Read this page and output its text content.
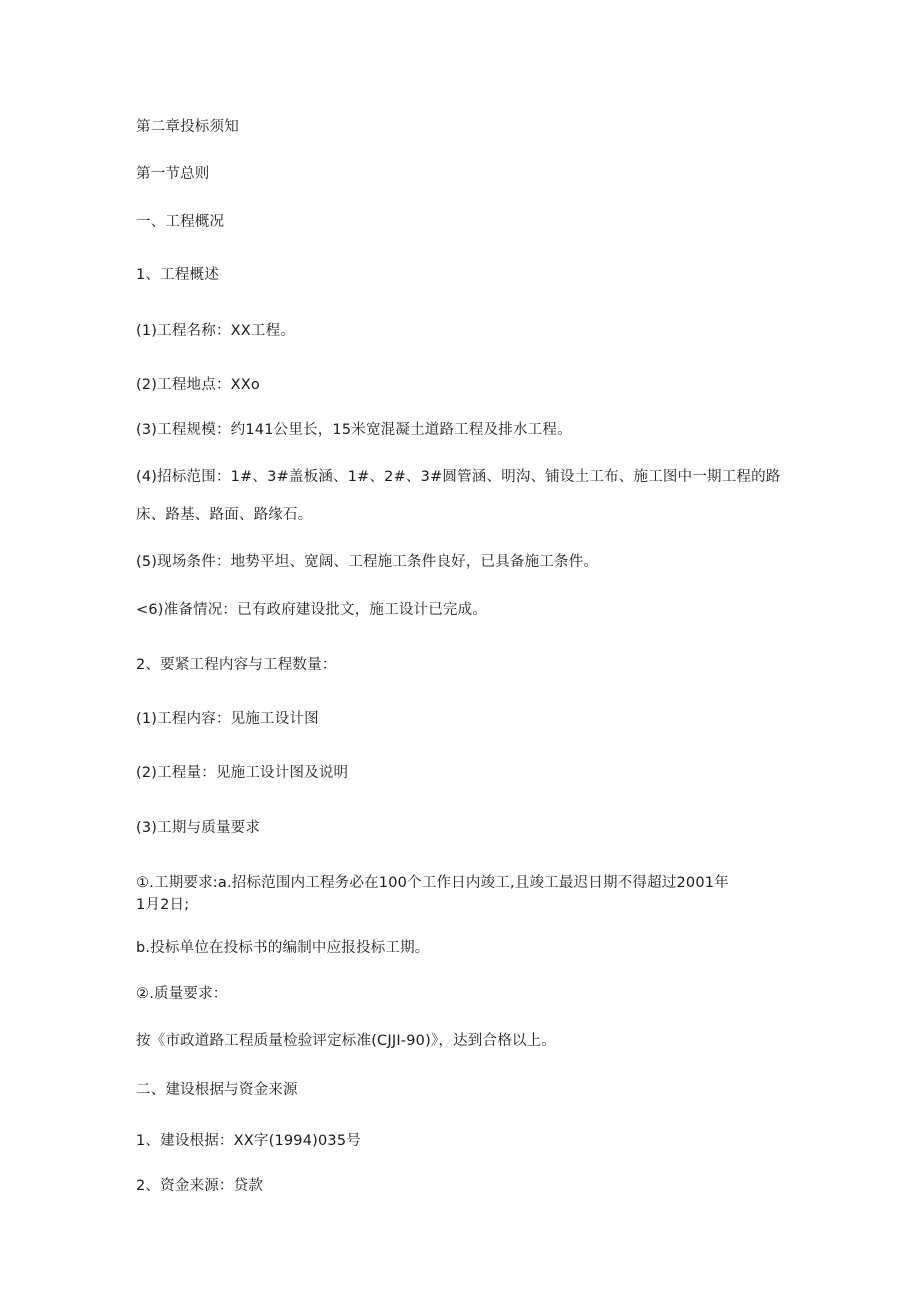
第二章投标须知
第一节总则
一、工程概况
1、工程概述
(1)工程名称：XX工程。
(2)工程地点：XXo
(3)工程规模：约141公里长，15米宽混凝土道路工程及排水工程。
(4)招标范围：1#、3#盖板涵、1#、2#、3#圆管涵、明沟、铺设土工布、施工图中一期工程的路
床、路基、路面、路缘石。
(5)现场条件：地势平坦、宽阔、工程施工条件良好，已具备施工条件。
<6)准备情况：已有政府建设批文，施工设计已完成。
2、要紧工程内容与工程数量：
(1)工程内容：见施工设计图
(2)工程量：见施工设计图及说明
(3)工期与质量要求
①.工期要求:a.招标范围内工程务必在100个工作日内竣工,且竣工最迟日期不得超过2001年
1月2日;
b.投标单位在投标书的编制中应报投标工期。
②.质量要求：
按《市政道路工程质量检验评定标准(CJJI-90)》，达到合格以上。
二、建设根据与资金来源
1、建设根据：XX字(1994)035号
2、资金来源：贷款
